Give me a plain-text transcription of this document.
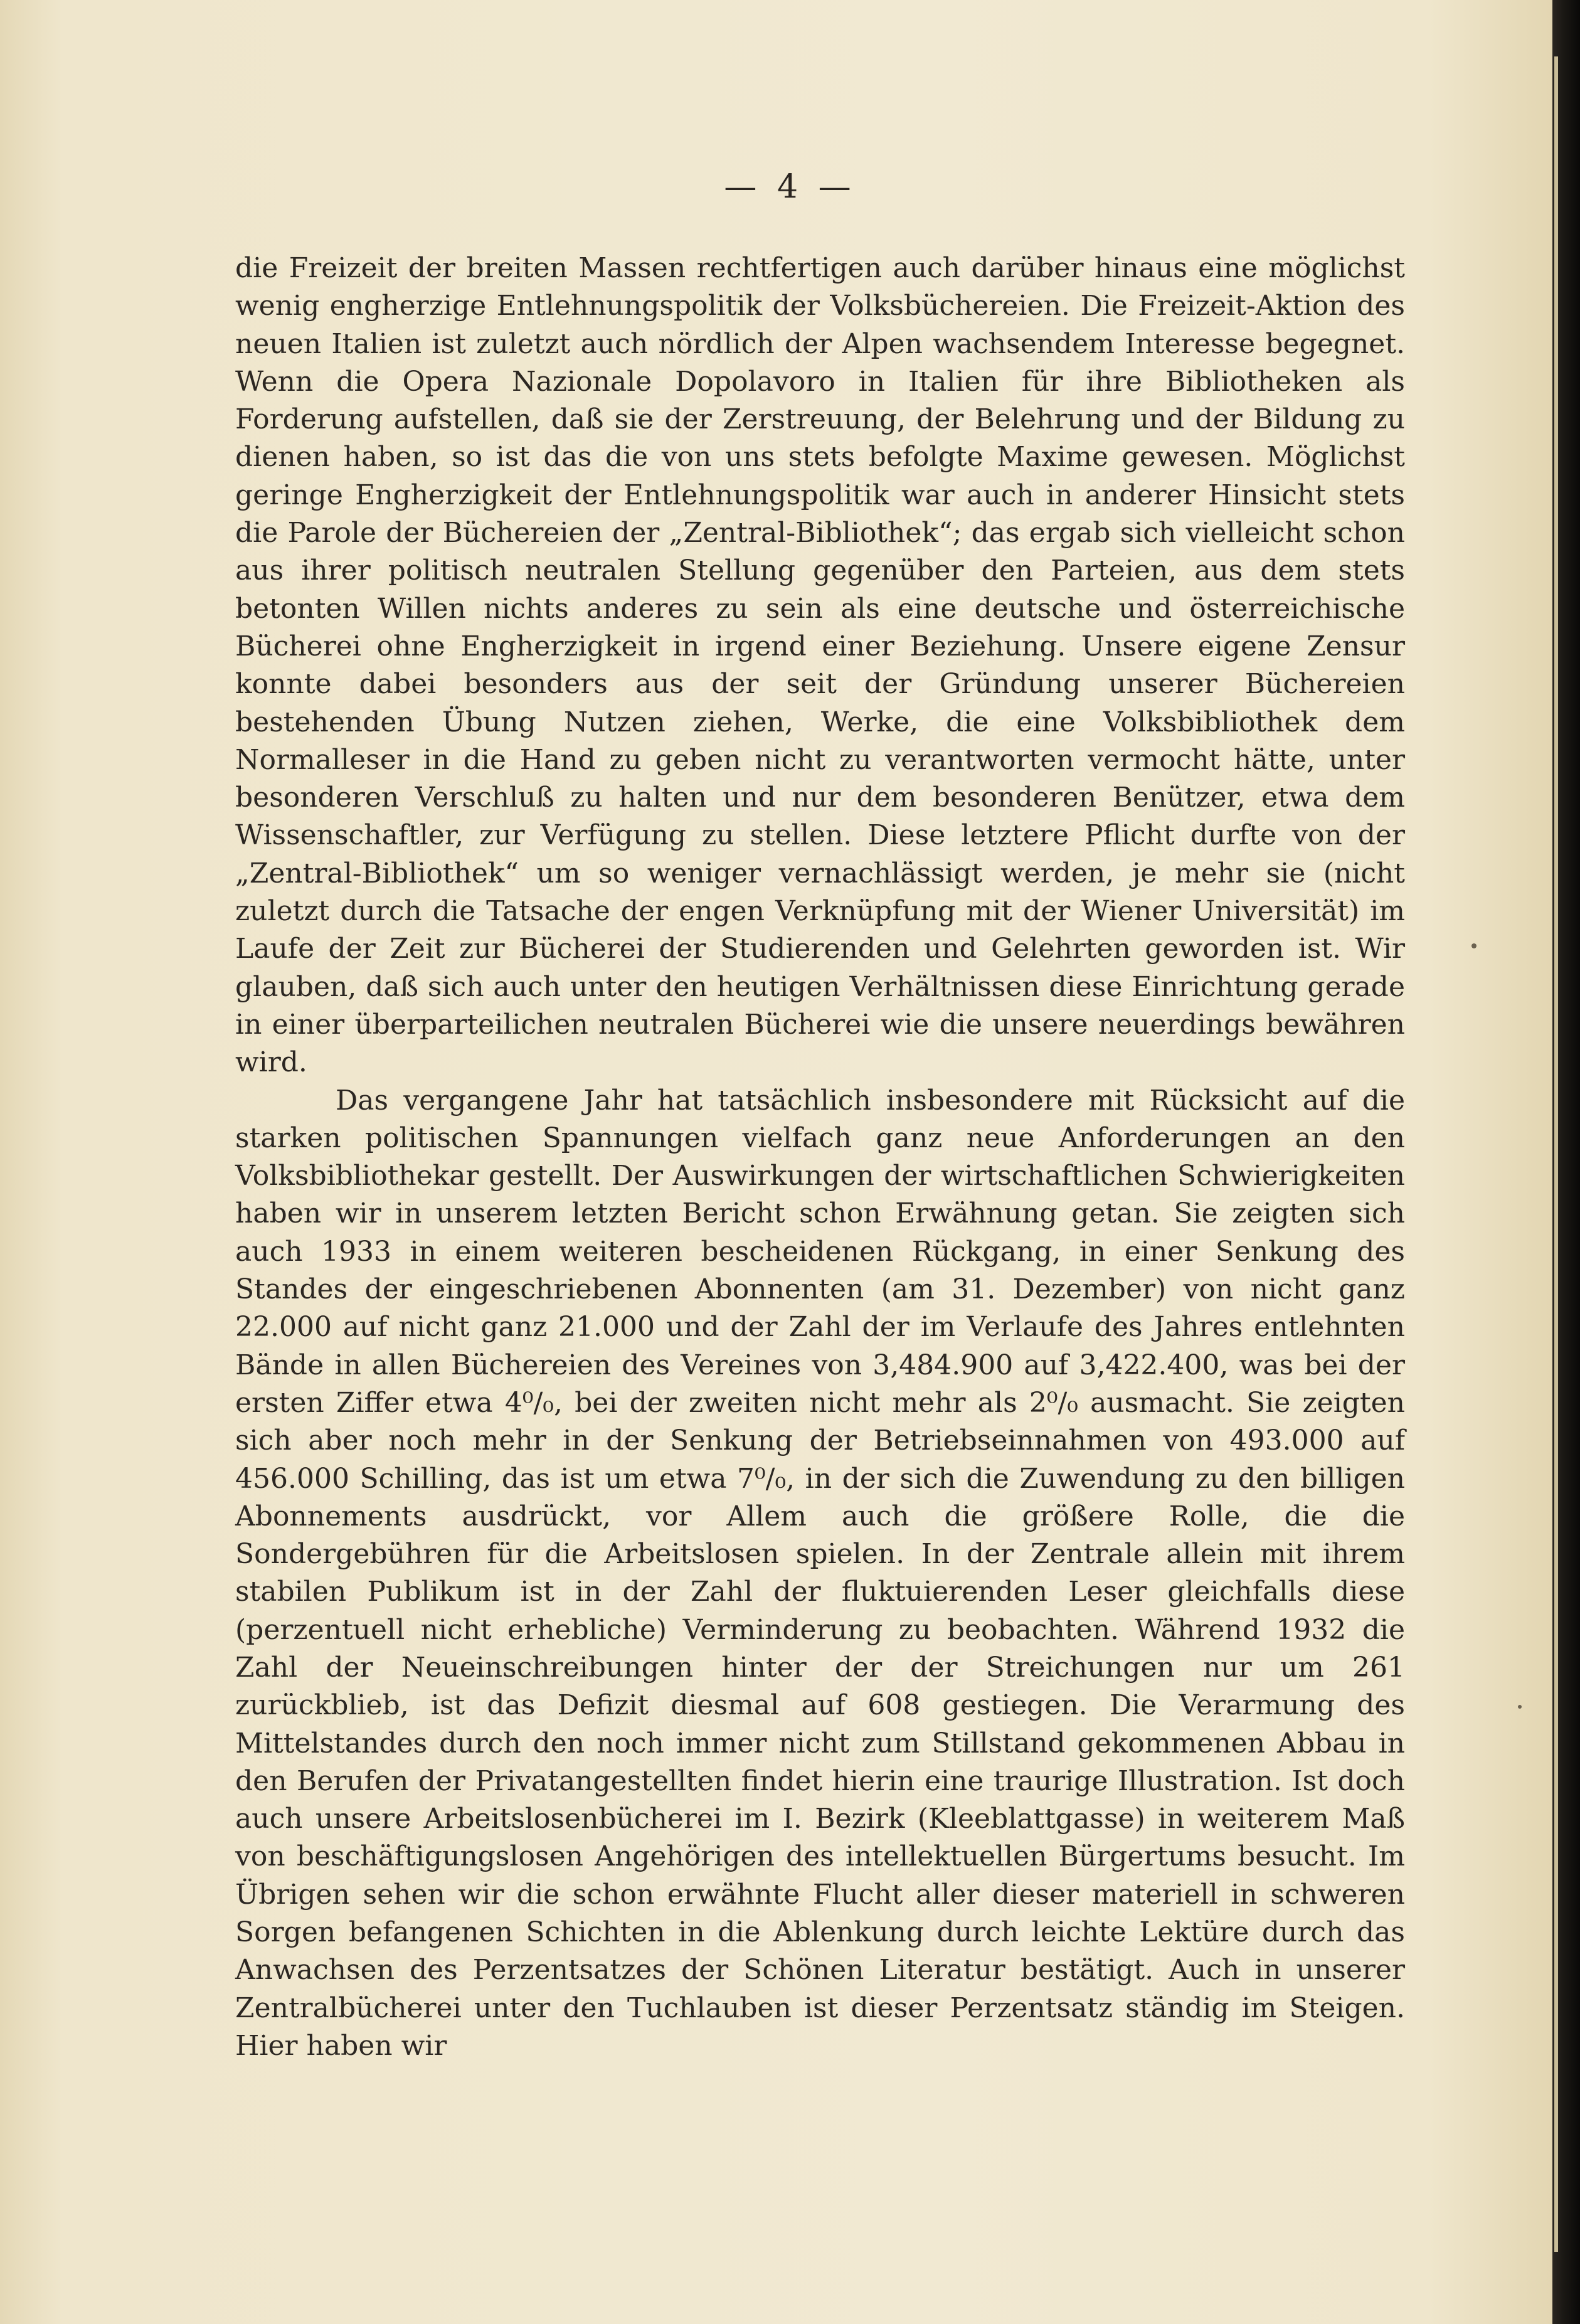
— 4 —

die Freizeit der breiten Massen rechtfertigen auch darüber hinaus eine möglichst wenig engherzige Entlehnungspolitik der Volksbüchereien. Die Freizeit-Aktion des neuen Italien ist zuletzt auch nördlich der Alpen wachsendem Interesse begegnet. Wenn die Opera Nazionale Dopolavoro in Italien für ihre Bibliotheken als Forderung aufstellen, daß sie der Zerstreuung, der Belehrung und der Bildung zu dienen haben, so ist das die von uns stets befolgte Maxime gewesen. Möglichst geringe Engherzigkeit der Entlehnungspolitik war auch in anderer Hinsicht stets die Parole der Büchereien der „Zentral-Bibliothek“; das ergab sich vielleicht schon aus ihrer politisch neutralen Stellung gegenüber den Parteien, aus dem stets betonten Willen nichts anderes zu sein als eine deutsche und österreichische Bücherei ohne Engherzigkeit in irgend einer Beziehung. Unsere eigene Zensur konnte dabei besonders aus der seit der Gründung unserer Büchereien bestehenden Übung Nutzen ziehen, Werke, die eine Volksbibliothek dem Normalleser in die Hand zu geben nicht zu verantworten vermocht hätte, unter besonderen Verschluß zu halten und nur dem besonderen Benützer, etwa dem Wissenschaftler, zur Verfügung zu stellen. Diese letztere Pflicht durfte von der „Zentral-Bibliothek“ um so weniger vernachlässigt werden, je mehr sie (nicht zuletzt durch die Tatsache der engen Verknüpfung mit der Wiener Universität) im Laufe der Zeit zur Bücherei der Studierenden und Gelehrten geworden ist. Wir glauben, daß sich auch unter den heutigen Verhältnissen diese Einrichtung gerade in einer überparteilichen neutralen Bücherei wie die unsere neuerdings bewähren wird.

Das vergangene Jahr hat tatsächlich insbesondere mit Rücksicht auf die starken politischen Spannungen vielfach ganz neue Anforderungen an den Volksbibliothekar gestellt. Der Auswirkungen der wirtschaftlichen Schwierigkeiten haben wir in unserem letzten Bericht schon Erwähnung getan. Sie zeigten sich auch 1933 in einem weiteren bescheidenen Rückgang, in einer Senkung des Standes der eingeschriebenen Abonnenten (am 31. Dezember) von nicht ganz 22.000 auf nicht ganz 21.000 und der Zahl der im Verlaufe des Jahres entlehnten Bände in allen Büchereien des Vereines von 3,484.900 auf 3,422.400, was bei der ersten Ziffer etwa 4⁰/₀, bei der zweiten nicht mehr als 2⁰/₀ ausmacht. Sie zeigten sich aber noch mehr in der Senkung der Betriebseinnahmen von 493.000 auf 456.000 Schilling, das ist um etwa 7⁰/₀, in der sich die Zuwendung zu den billigen Abonnements ausdrückt, vor Allem auch die größere Rolle, die die Sondergebühren für die Arbeitslosen spielen. In der Zentrale allein mit ihrem stabilen Publikum ist in der Zahl der fluktuierenden Leser gleichfalls diese (perzentuell nicht erhebliche) Verminderung zu beobachten. Während 1932 die Zahl der Neueinschreibungen hinter der der Streichungen nur um 261 zurückblieb, ist das Defizit diesmal auf 608 gestiegen. Die Verarmung des Mittelstandes durch den noch immer nicht zum Stillstand gekommenen Abbau in den Berufen der Privatangestellten findet hierin eine traurige Illustration. Ist doch auch unsere Arbeitslosenbücherei im I. Bezirk (Kleeblattgasse) in weiterem Maß von beschäftigungslosen Angehörigen des intellektuellen Bürgertums besucht. Im Übrigen sehen wir die schon erwähnte Flucht aller dieser materiell in schweren Sorgen befangenen Schichten in die Ablenkung durch leichte Lektüre durch das Anwachsen des Perzentsatzes der Schönen Literatur bestätigt. Auch in unserer Zentralbücherei unter den Tuchlauben ist dieser Perzentsatz ständig im Steigen. Hier haben wir
